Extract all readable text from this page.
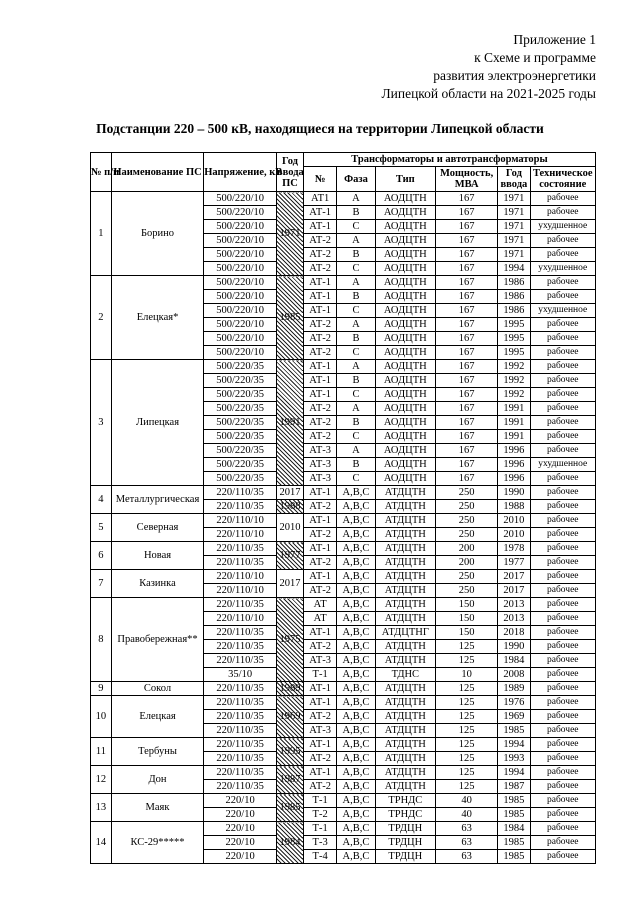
Приложение 1
к Схеме и программе
развития электроэнергетики
Липецкой области на 2021-2025 годы
Подстанции 220 – 500 кВ, находящиеся на территории Липецкой области
№ п/п	Наименование ПС	Напряжение, кВ	Год ввода ПС	Трансформаторы и автотрансформаторы					
				№	Фаза	Тип	Мощность, МВА	Год ввода	Техническое состояние
1	Борино	500/220/10	1971	АТ1	А	АОДЦТН	167	1971	рабочее
		500/220/10		АТ-1	В	АОДЦТН	167	1971	рабочее
		500/220/10		АТ-1	С	АОДЦТН	167	1971	ухудшенное
		500/220/10		АТ-2	А	АОДЦТН	167	1971	рабочее
		500/220/10		АТ-2	В	АОДЦТН	167	1971	рабочее
		500/220/10		АТ-2	С	АОДЦТН	167	1994	ухудшенное
2	Елецкая*	500/220/10	1985	АТ-1	А	АОДЦТН	167	1986	рабочее
		500/220/10		АТ-1	В	АОДЦТН	167	1986	рабочее
		500/220/10		АТ-1	С	АОДЦТН	167	1986	ухудшенное
		500/220/10		АТ-2	А	АОДЦТН	167	1995	рабочее
		500/220/10		АТ-2	В	АОДЦТН	167	1995	рабочее
		500/220/10		АТ-2	С	АОДЦТН	167	1995	рабочее
3	Липецкая	500/220/35	1991	АТ-1	А	АОДЦТН	167	1992	рабочее
		500/220/35		АТ-1	В	АОДЦТН	167	1992	рабочее
		500/220/35		АТ-1	С	АОДЦТН	167	1992	рабочее
		500/220/35		АТ-2	А	АОДЦТН	167	1991	рабочее
		500/220/35		АТ-2	В	АОДЦТН	167	1991	рабочее
		500/220/35		АТ-2	С	АОДЦТН	167	1991	рабочее
		500/220/35		АТ-3	А	АОДЦТН	167	1996	рабочее
		500/220/35		АТ-3	В	АОДЦТН	167	1996	ухудшенное
		500/220/35		АТ-3	С	АОДЦТН	167	1996	рабочее
4	Металлургическая	220/110/35	2017	АТ-1	А,В,С	АТДЦТН	250	1990	рабочее
		220/110/35	1988	АТ-2	А,В,С	АТДЦТН	250	1988	рабочее
5	Северная	220/110/10	2010	АТ-1	А,В,С	АТДЦТН	250	2010	рабочее
		220/110/10		АТ-2	А,В,С	АТДЦТН	250	2010	рабочее
6	Новая	220/110/35	1977	АТ-1	А,В,С	АТДЦТН	200	1978	рабочее
		220/110/35		АТ-2	А,В,С	АТДЦТН	200	1977	рабочее
7	Казинка	220/110/10	2017	АТ-1	А,В,С	АТДЦТН	250	2017	рабочее
		220/110/10		АТ-2	А,В,С	АТДЦТН	250	2017	рабочее
8	Правобережная**	220/110/35	1975	АТ	А,В,С	АТДЦТН	150	2013	рабочее
		220/110/10		АТ	А,В,С	АТДЦТН	150	2013	рабочее
		220/110/35		АТ-1	А,В,С	АТДЦТНГ	150	2018	рабочее
		220/110/35		АТ-2	А,В,С	АТДЦТН	125	1990	рабочее
		220/110/35		АТ-3	А,В,С	АТДЦТН	125	1984	рабочее
		35/10		Т-1	А,В,С	ТДНС	10	2008	рабочее
9	Сокол	220/110/35	1989	АТ-1	А,В,С	АТДЦТН	125	1989	рабочее
10	Елецкая	220/110/35	1969	АТ-1	А,В,С	АТДЦТН	125	1976	рабочее
		220/110/35		АТ-2	А,В,С	АТДЦТН	125	1969	рабочее
		220/110/35		АТ-3	А,В,С	АТДЦТН	125	1985	рабочее
11	Тербуны	220/110/35	1995	АТ-1	А,В,С	АТДЦТН	125	1994	рабочее
		220/110/35		АТ-2	А,В,С	АТДЦТН	125	1993	рабочее
12	Дон	220/110/35	1987	АТ-1	А,В,С	АТДЦТН	125	1994	рабочее
		220/110/35		АТ-2	А,В,С	АТДЦТН	125	1987	рабочее
13	Маяк	220/10	1985	Т-1	А,В,С	ТРНДС	40	1985	рабочее
		220/10		Т-2	А,В,С	ТРНДС	40	1985	рабочее
14	КС-29*****	220/10	1984	Т-1	А,В,С	ТРДЦН	63	1984	рабочее
		220/10		Т-3	А,В,С	ТРДЦН	63	1985	рабочее
		220/10		Т-4	А,В,С	ТРДЦН	63	1985	рабочее
